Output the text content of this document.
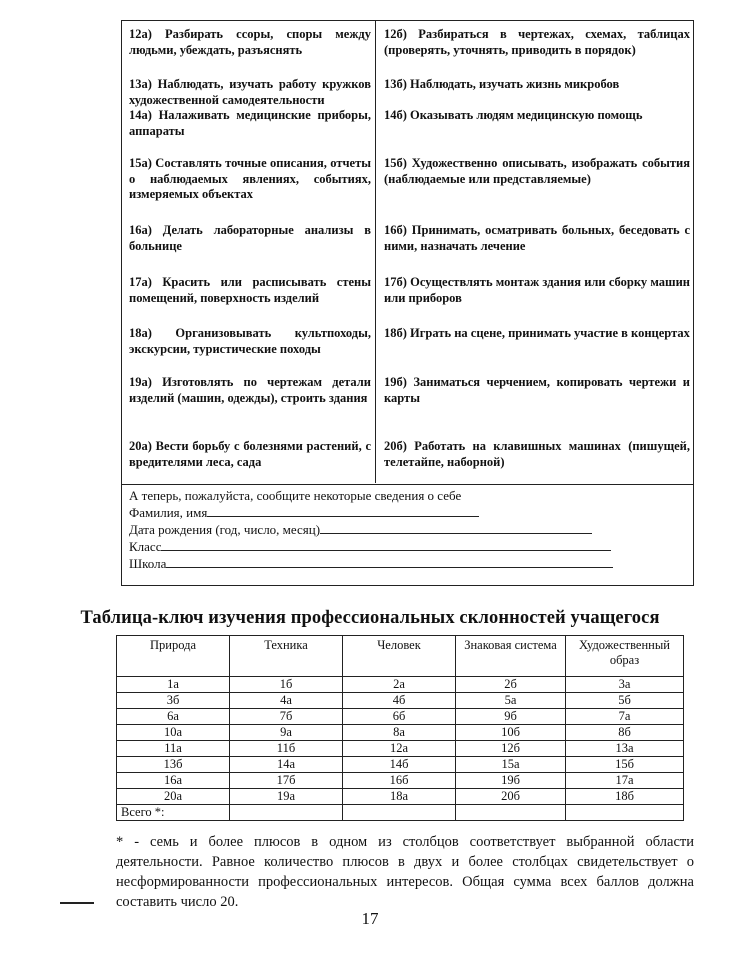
12а) Разбирать ссоры, споры между людьми, убеждать, разъяснять
12б) Разбираться в чертежах, схемах, таблицах (проверять, уточнять, приводить в порядок)
13а) Наблюдать, изучать работу кружков художественной самодеятельности
13б) Наблюдать, изучать жизнь микробов
14а) Налаживать медицинские приборы, аппараты
14б) Оказывать людям медицинскую помощь
15а) Составлять точные описания, отчеты о наблюдаемых явлениях, событиях, измеряемых объектах
15б) Художественно описывать, изображать события (наблюдаемые или представляемые)
16а) Делать лабораторные анализы в больнице
16б) Принимать, осматривать больных, беседовать с ними, назначать лечение
17а) Красить или расписывать стены помещений, поверхность изделий
17б) Осуществлять монтаж здания или сборку машин или приборов
18а) Организовывать культпоходы, экскурсии, туристические походы
18б) Играть на сцене, принимать участие в концертах
19а) Изготовлять по чертежам детали изделий (машин, одежды), строить здания
19б) Заниматься черчением, копировать чертежи и карты
20а) Вести борьбу с болезнями растений, с вредителями леса, сада
20б) Работать на клавишных машинах (пишущей, телетайпе, наборной)
А теперь, пожалуйста, сообщите некоторые сведения о себе
Фамилия, имя
Дата рождения (год, число, месяц)
Класс
Школа
Таблица-ключ изучения профессиональных склонностей учащегося
Природа	Техника	Человек	Знаковая система	Художественный образ
1а	1б	2а	2б	3а
3б	4а	4б	5а	5б
6а	7б	6б	9б	7а
10а	9а	8а	10б	8б
11а	11б	12а	12б	13а
13б	14а	14б	15а	15б
16а	17б	16б	19б	17а
20а	19а	18а	20б	18б
Всего *:				
* - семь и более плюсов в одном из столбцов соответствует выбранной области деятельности. Равное количество плюсов в двух и более столбцах свидетельствует о несформированности профессиональных интересов. Общая сумма всех баллов должна составить число 20.
17
